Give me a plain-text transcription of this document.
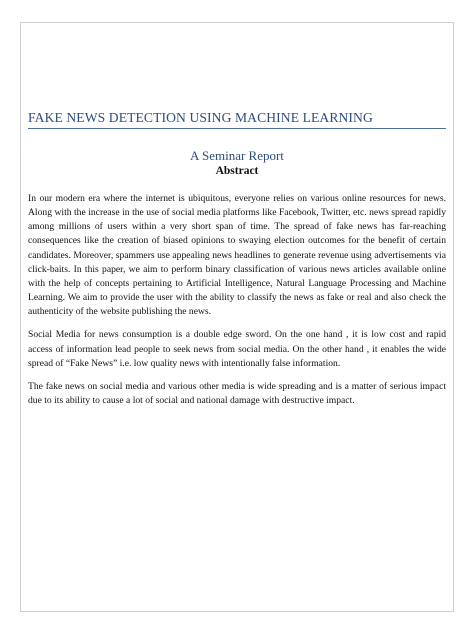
FAKE NEWS DETECTION USING MACHINE LEARNING
A Seminar Report
Abstract

In our modern era where the internet is ubiquitous, everyone relies on various online resources for news. Along with the increase in the use of social media platforms like Facebook, Twitter, etc. news spread rapidly among millions of users within a very short span of time. The spread of fake news has far-reaching consequences like the creation of biased opinions to swaying election outcomes for the benefit of certain candidates. Moreover, spammers use appealing news headlines to generate revenue using advertisements via click-baits. In this paper, we aim to perform binary classification of various news articles available online with the help of concepts pertaining to Artificial Intelligence, Natural Language Processing and Machine Learning. We aim to provide the user with the ability to classify the news as fake or real and also check the authenticity of the website publishing the news.

Social Media for news consumption is a double edge sword. On the one hand , it is low cost and rapid access of information lead people to seek news from social media. On the other hand , it enables the wide spread of “Fake News” i.e. low quality news with intentionally false information.

The fake news on social media and various other media is wide spreading and is a matter of serious impact due to its ability to cause a lot of social and national damage with destructive impact.
